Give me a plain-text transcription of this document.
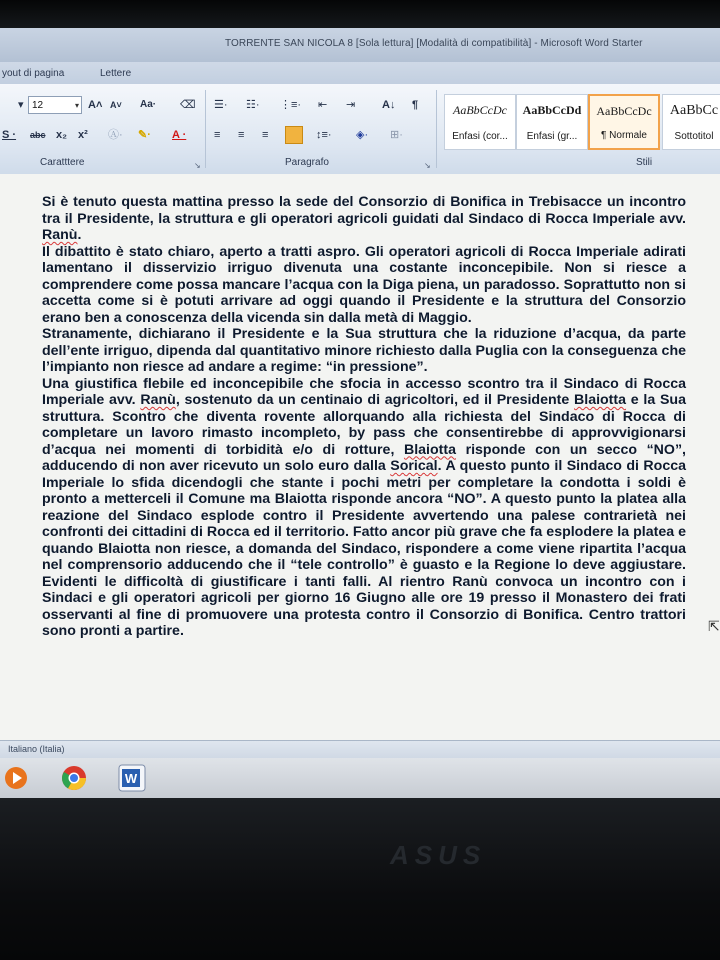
TORRENTE SAN NICOLA 8 [Sola lettura] [Modalità di compatibilità] - Microsoft Word Starter
yout di pagina	Lettere
▾ 12	▾ A˄ A˅ Aa· ⌫
S · abc x₂ x² Ⓐ· ✎· A ·
Caratttere	↘
☰· ☷· ⋮≡· ⇤ ⇥ A↓ ¶
≡ ≡ ≡	↕≡· ◈· ⊞·
Paragrafo	↘
AaBbCcDc
Enfasi (cor...
AaBbCcDd
Enfasi (gr...
AaBbCcDc
¶ Normale
AaBbCc
Sottotitol
Stili

Si è tenuto questa mattina presso la sede del Consorzio di Bonifica in Trebisacce un incontro tra il Presidente, la struttura e gli operatori agricoli guidati dal Sindaco di Rocca Imperiale avv. Ranù.

Il dibattito è stato chiaro, aperto a tratti aspro. Gli operatori agricoli di Rocca Imperiale adirati lamentano il disservizio irriguo divenuta una costante inconcepibile. Non si riesce a comprendere come possa mancare l’acqua con la Diga piena, un paradosso. Soprattutto non si accetta come si è potuti arrivare ad oggi quando il Presidente e la struttura del Consorzio erano ben a conoscenza della vicenda sin dalla metà di Maggio.

Stranamente, dichiarano il Presidente e la Sua struttura che la riduzione d’acqua, da parte dell’ente irriguo, dipenda dal quantitativo minore richiesto dalla Puglia con la conseguenza che l’impianto non riesce ad andare a regime: “in pressione”.

Una giustifica flebile ed inconcepibile che sfocia in accesso scontro tra il Sindaco di Rocca Imperiale avv. Ranù, sostenuto da un centinaio di agricoltori, ed il Presidente Blaiotta e la Sua struttura. Scontro che diventa rovente allorquando alla richiesta del Sindaco di Rocca di completare un lavoro rimasto incompleto, by pass che consentirebbe di approvvigionarsi d’acqua nei momenti di torbidità e/o di rotture, Blaiotta risponde con un secco “NO”, adducendo di non aver ricevuto un solo euro dalla Sorical. A questo punto il Sindaco di Rocca Imperiale lo sfida dicendogli che stante i pochi metri per completare la condotta i soldi è pronto a metterceli il Comune ma Blaiotta risponde ancora “NO”. A questo punto la platea alla reazione del Sindaco esplode contro il Presidente avvertendo una palese contrarietà nei confronti dei cittadini di Rocca ed il territorio. Fatto ancor più grave che fa esplodere la platea e quando Blaiotta non riesce, a domanda del Sindaco, rispondere a come viene ripartita l’acqua nel comprensorio adducendo che il “tele controllo” è guasto e la Regione lo deve aggiustare. Evidenti le difficoltà di giustificare i tanti falli. Al rientro Ranù convoca un incontro con i Sindaci e gli operatori agricoli per giorno 16 Giugno alle ore 19 presso il Monastero dei frati osservanti al fine di promuovere una protesta contro il Consorzio di Bonifica. Centro trattori sono pronti a partire.	⇱
Italiano (Italia)
W
ASUS
